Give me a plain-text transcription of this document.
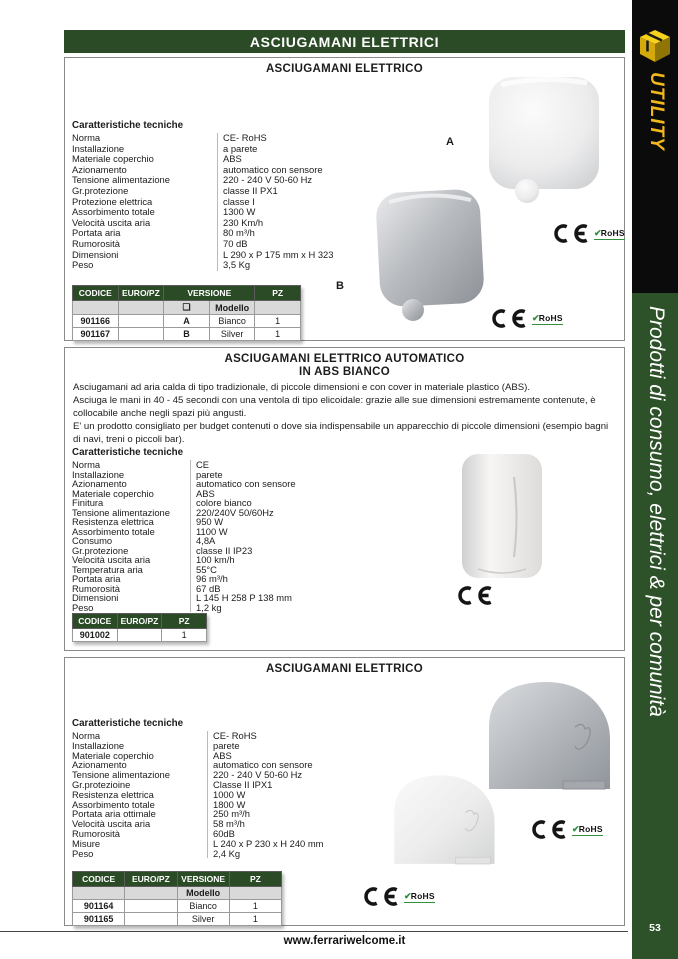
ASCIUGAMANI ELETTRICI
ASCIUGAMANI ELETTRICO
Caratteristiche tecniche
Norma	CE- RoHS
Installazione	a parete
Materiale coperchio	ABS
Azionamento	automatico con sensore
Tensione alimentazione	220 - 240 V 50-60 Hz
Gr.protezione	classe II PX1
Protezione elettrica	classe I
Assorbimento totale	1300 W
Velocità uscita aria	230 Km/h
Portata aria	80 m³/h
Rumorosità	70 dB
Dimensioni	L 290 x P 175 mm x H 323
Peso	3,5 Kg
A
B
✔RoHS
✔RoHS
CODICE	EURO/PZ	VERSIONE		PZ
		❑	Modello	
901166		A	Bianco	1
901167		B	Silver	1
ASCIUGAMANI ELETTRICO AUTOMATICO
IN ABS BIANCO

Asciugamani ad aria calda di tipo tradizionale, di piccole dimensioni e con cover in materiale plastico (ABS).

Asciuga le mani in 40 - 45 secondi con una ventola di tipo elicoidale: grazie alle sue dimensioni estremamente contenute, è collocabile anche negli spazi più angusti.

E' un prodotto consigliato per budget contenuti o dove sia indispensabile un apparecchio di piccole dimensioni (esempio bagni di navi, treni o piccoli bar).

Caratteristiche tecniche
Norma	CE
Installazione	parete
Azionamento	automatico con sensore
Materiale coperchio	ABS
Finitura	colore bianco
Tensione alimentazione	220/240V 50/60Hz
Resistenza elettrica	950 W
Assorbimento totale	1100 W
Consumo	4,8A
Gr.protezione	classe II IP23
Velocità uscita aria	100 km/h
Temperatura aria	55°C
Portata aria	96 m³/h
Rumorosità	67 dB
Dimensioni	L 145 H 258 P 138 mm
Peso	1,2 kg
CODICE	EURO/PZ	PZ
901002		1
ASCIUGAMANI ELETTRICO
Caratteristiche tecniche
Norma	CE- RoHS
Installazione	parete
Materiale coperchio	ABS
Azionamento	automatico con sensore
Tensione alimentazione	220 - 240 V 50-60 Hz
Gr.protezioine	Classe II IPX1
Resistenza elettrica	1000 W
Assorbimento totale	1800 W
Portata aria ottimale	250 m³/h
Velocità uscita aria	58 m³/h
Rumorosità	60dB
Misure	L 240 x P 230 x H 240 mm
Peso	2,4 Kg
✔RoHS
✔RoHS
CODICE	EURO/PZ	VERSIONE	PZ
		Modello	
901164		Bianco	1
901165		Silver	1
UTILITY
Prodotti di consumo, elettrici & per comunità
53
www.ferrariwelcome.it
